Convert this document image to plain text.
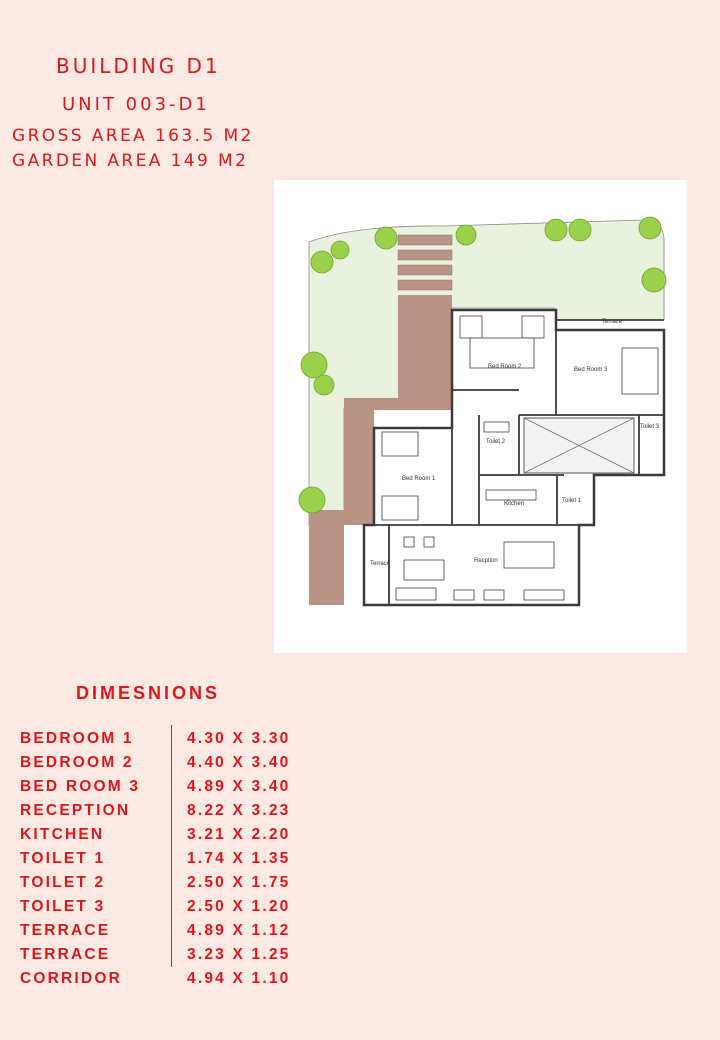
BUILDING D1
UNIT 003-D1
GROSS AREA 163.5 M2
GARDEN AREA 149 M2
Bed Room 2	Bed Room 3
Bed Room 1
Terrace
Terrace
Toilet 2
Toilet 3
Toilet 1
Kitchen
Recption
DIMESNIONS
BEDROOM 1	4.30 X 3.30
BEDROOM 2	4.40 X 3.40
BED ROOM 3	4.89 X 3.40
RECEPTION	8.22 X 3.23
KITCHEN	3.21 X 2.20
TOILET 1	1.74 X 1.35
TOILET 2	2.50 X 1.75
TOILET 3	2.50 X 1.20
TERRACE	4.89 X 1.12
TERRACE	3.23 X 1.25
CORRIDOR	4.94 X 1.10
